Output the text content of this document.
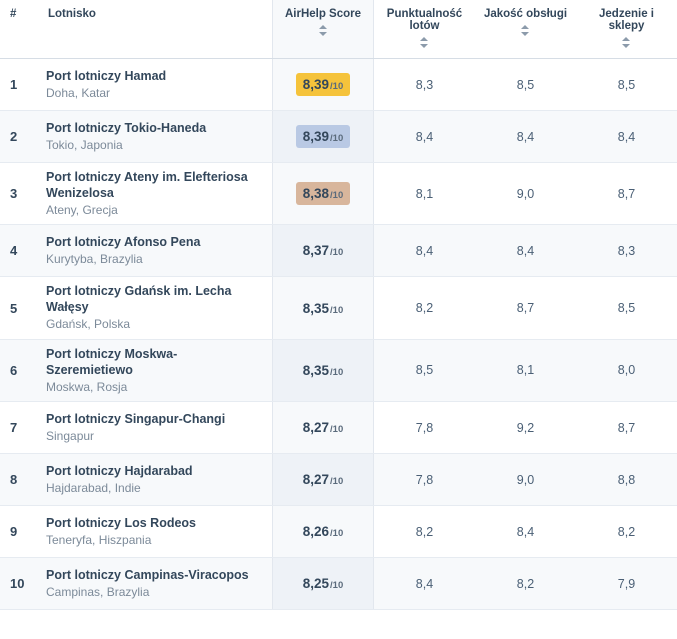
#	Lotnisko	AirHelp Score	Punktualność lotów	Jakość obsługi	Jedzenie i sklepy

1	Port lotniczy Hamad
Doha, Katar	8,39/10	8,3	8,5	8,5
2	Port lotniczy Tokio-Haneda
Tokio, Japonia	8,39/10	8,4	8,4	8,4
3	Port lotniczy Ateny im. Elefteriosa Wenizelosa
Ateny, Grecja	8,38/10	8,1	9,0	8,7
4	Port lotniczy Afonso Pena
Kurytyba, Brazylia	8,37/10	8,4	8,4	8,3
5	Port lotniczy Gdańsk im. Lecha Wałęsy
Gdańsk, Polska	8,35/10	8,2	8,7	8,5
6	Port lotniczy Moskwa-Szeremietiewo
Moskwa, Rosja	8,35/10	8,5	8,1	8,0
7	Port lotniczy Singapur-Changi
Singapur	8,27/10	7,8	9,2	8,7
8	Port lotniczy Hajdarabad
Hajdarabad, Indie	8,27/10	7,8	9,0	8,8
9	Port lotniczy Los Rodeos
Teneryfa, Hiszpania	8,26/10	8,2	8,4	8,2
10	Port lotniczy Campinas-Viracopos
Campinas, Brazylia	8,25/10	8,4	8,2	7,9
